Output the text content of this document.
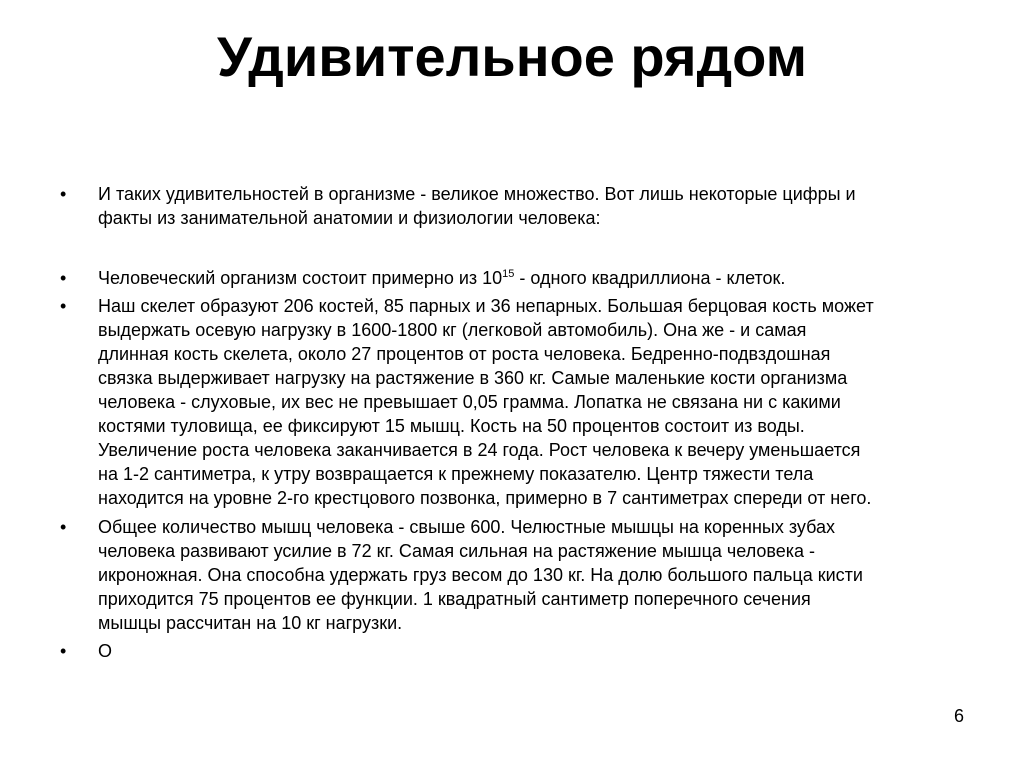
Удивительное рядом
• И таких удивительностей в организме - великое множество. Вот лишь некоторые цифры и
факты из занимательной анатомии и физиологии человека:
• Человеческий организм состоит примерно из $10^{15}$ - одного квадриллиона - клеток.
• Наш скелет образуют 206 костей, 85 парных и 36 непарных. Большая берцовая кость может
выдержать осевую нагрузку в 1600-1800 кг (легковой автомобиль). Она же - и самая
длинная кость скелета, около 27 процентов от роста человека. Бедренно-подвздошная
связка выдерживает нагрузку на растяжение в 360 кг. Самые маленькие кости организма
человека - слуховые, их вес не превышает 0,05 грамма. Лопатка не связана ни с какими
костями туловища, ее фиксируют 15 мышц. Кость на 50 процентов состоит из воды.
Увеличение роста человека заканчивается в 24 года. Рост человека к вечеру уменьшается
на 1-2 сантиметра, к утру возвращается к прежнему показателю. Центр тяжести тела
находится на уровне 2-го крестцового позвонка, примерно в 7 сантиметрах спереди от него.
• Общее количество мышц человека - свыше 600. Челюстные мышцы на коренных зубах
человека развивают усилие в 72 кг. Самая сильная на растяжение мышца человека -
икроножная. Она способна удержать груз весом до 130 кг. На долю большого пальца кисти
приходится 75 процентов ее функции. 1 квадратный сантиметр поперечного сечения
мышцы рассчитан на 10 кг нагрузки.
• О
6
